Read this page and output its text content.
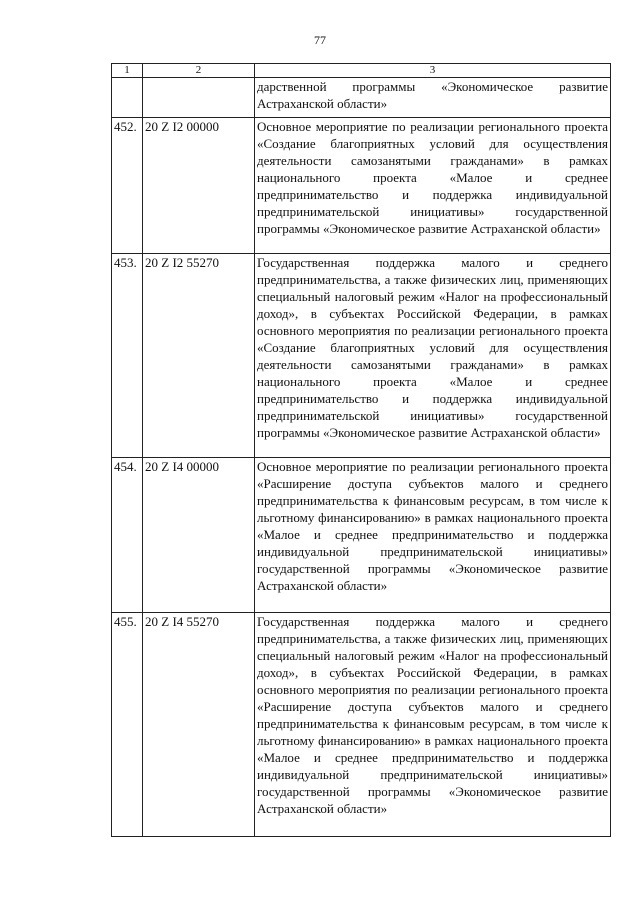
77
1	2	3
		дарственной программы «Экономическое развитие Астраханской области»
452.	20 Z I2 00000	Основное мероприятие по реализации регионального проекта «Создание благоприятных условий для осуществления деятельности самозанятыми гражданами» в рамках национального проекта «Малое и среднее предпринимательство и поддержка индивидуальной предпринимательской инициативы» государственной программы «Экономическое развитие Астраханской области»
453.	20 Z I2 55270	Государственная поддержка малого и среднего предпринимательства, а также физических лиц, применяющих специальный налоговый режим «Налог на профессиональный доход», в субъектах Российской Федерации, в рамках основного мероприятия по реализации регионального проекта «Создание благоприятных условий для осуществления деятельности самозанятыми гражданами» в рамках национального проекта «Малое и среднее предпринимательство и поддержка индивидуальной предпринимательской инициативы» государственной программы «Экономическое развитие Астраханской области»
454.	20 Z I4 00000	Основное мероприятие по реализации регионального проекта «Расширение доступа субъектов малого и среднего предпринимательства к финансовым ресурсам, в том числе к льготному финансированию» в рамках национального проекта «Малое и среднее предпринимательство и поддержка индивидуальной предпринимательской инициативы» государственной программы «Экономическое развитие Астраханской области»
455.	20 Z I4 55270	Государственная поддержка малого и среднего предпринимательства, а также физических лиц, применяющих специальный налоговый режим «Налог на профессиональный доход», в субъектах Российской Федерации, в рамках основного мероприятия по реализации регионального проекта «Расширение доступа субъектов малого и среднего предпринимательства к финансовым ресурсам, в том числе к льготному финансированию» в рамках национального проекта «Малое и среднее предпринимательство и поддержка индивидуальной предпринимательской инициативы» государственной программы «Экономическое развитие Астраханской области»
